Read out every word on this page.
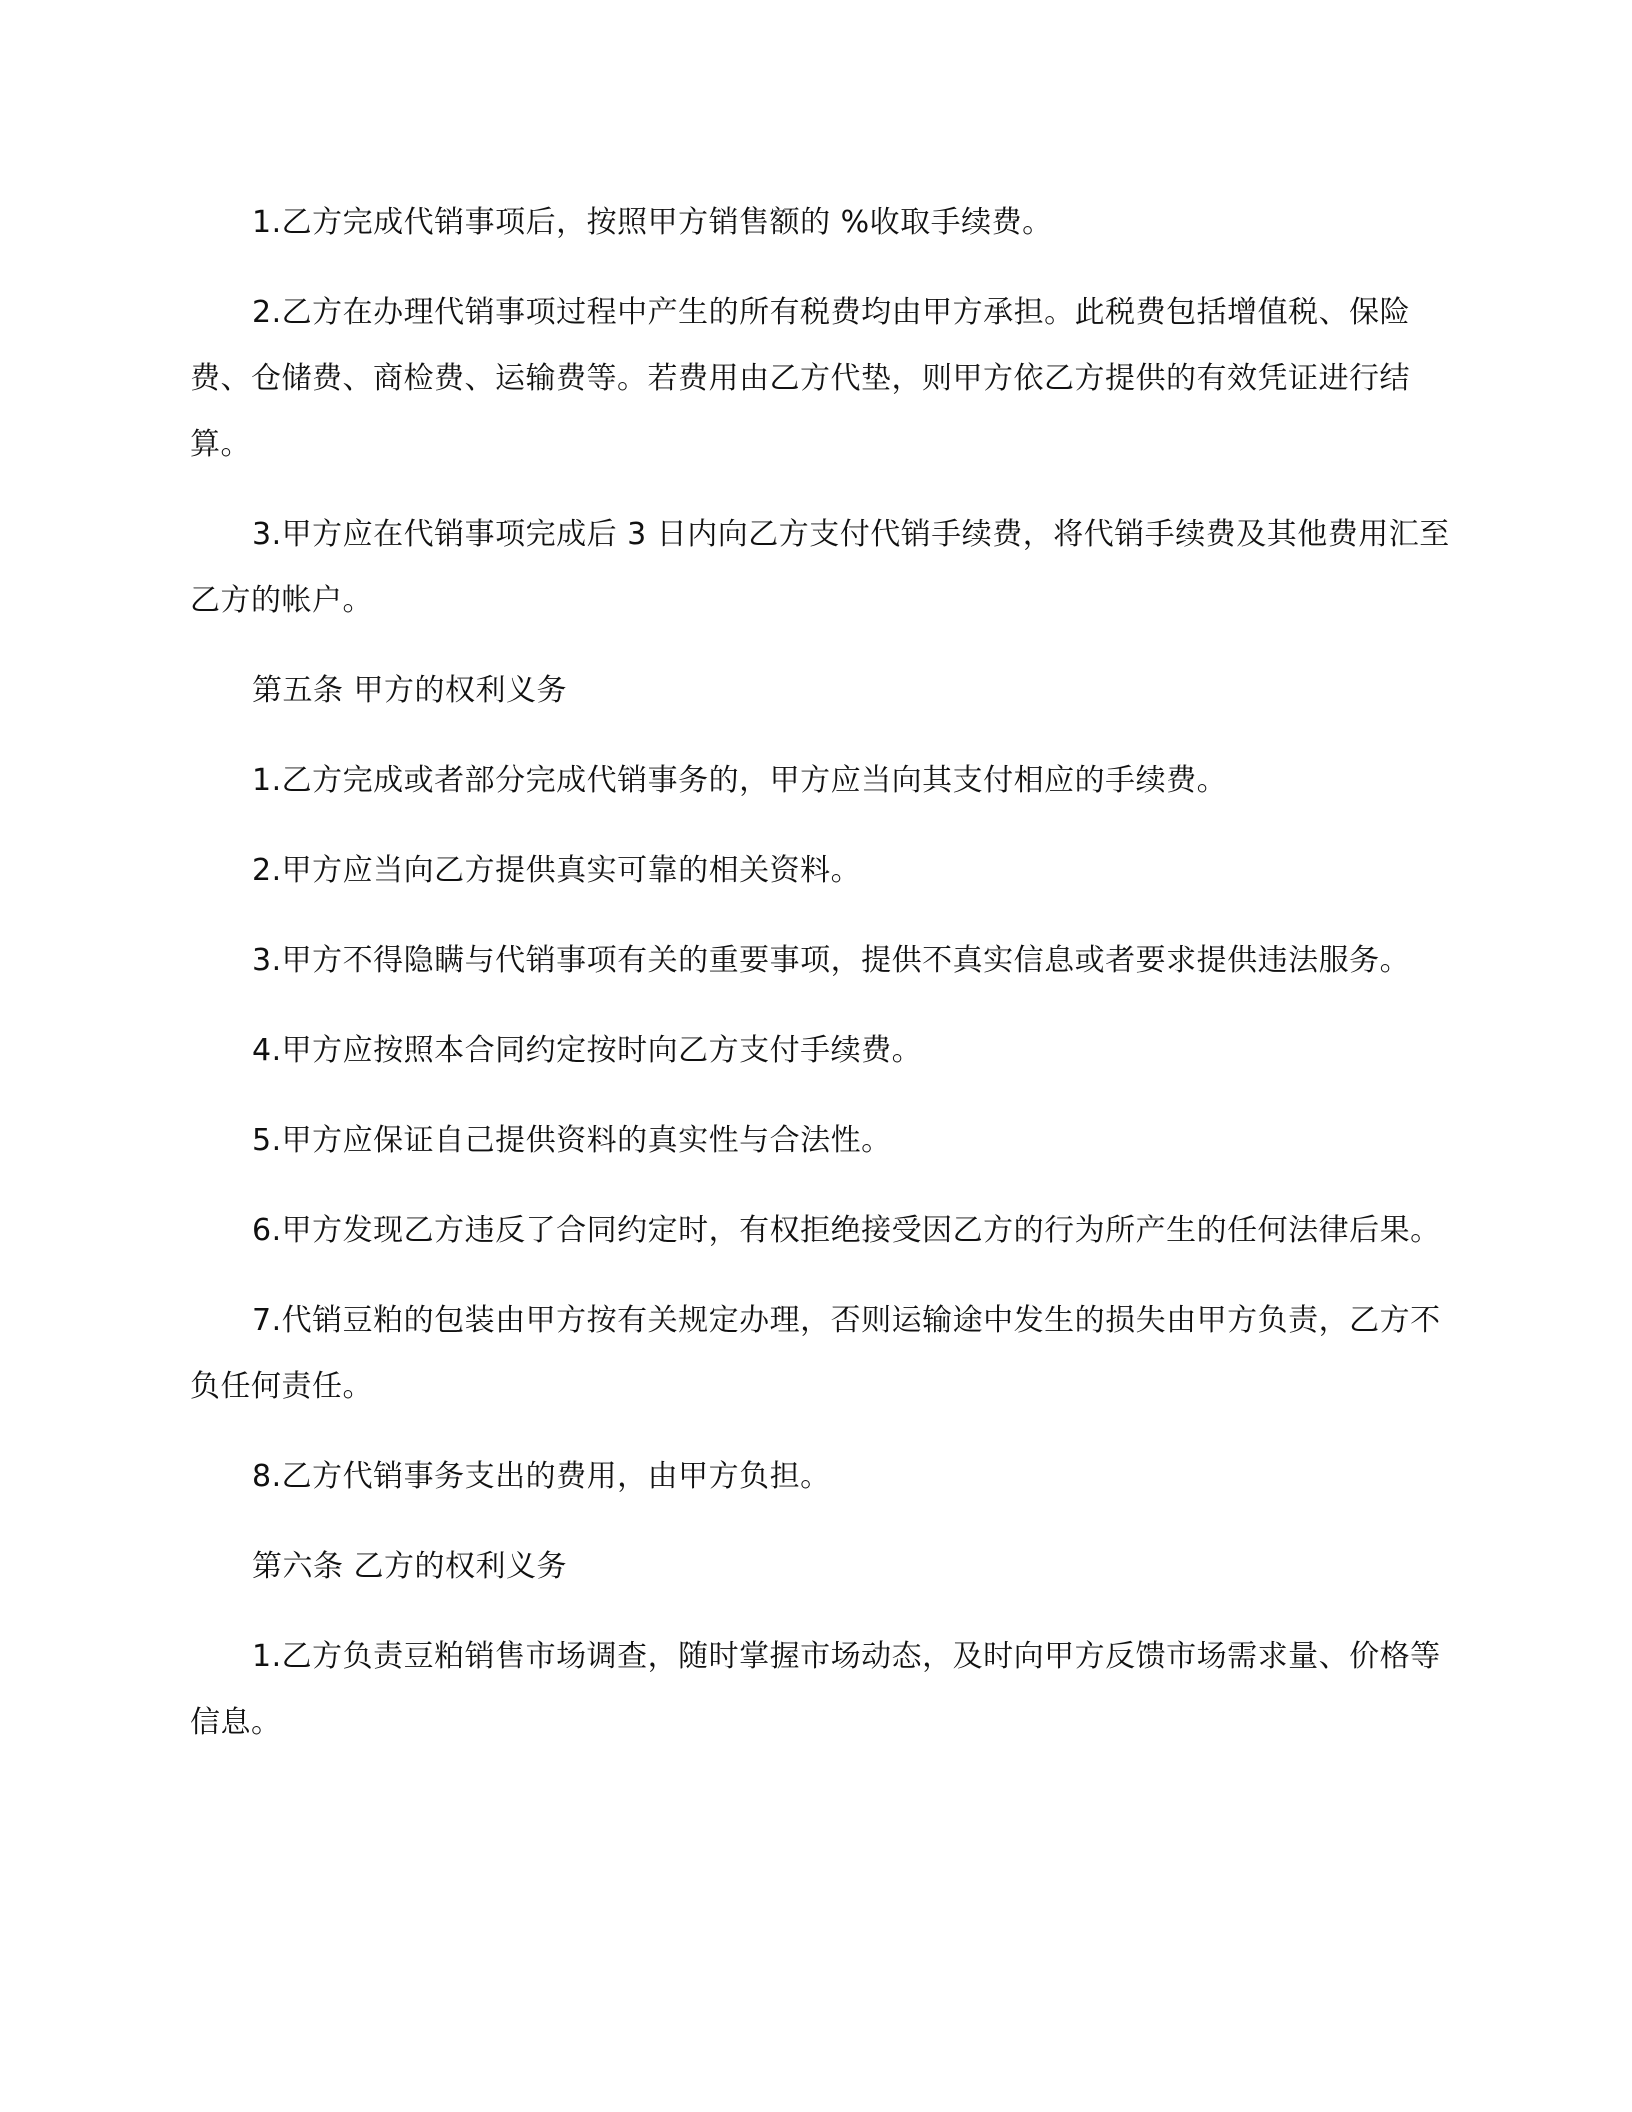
1.乙方完成代销事项后，按照甲方销售额的 %收取手续费。

2.乙方在办理代销事项过程中产生的所有税费均由甲方承担。此税费包括增值税、保险费、仓储费、商检费、运输费等。若费用由乙方代垫，则甲方依乙方提供的有效凭证进行结算。

3.甲方应在代销事项完成后 3 日内向乙方支付代销手续费，将代销手续费及其他费用汇至乙方的帐户。

第五条 甲方的权利义务

1.乙方完成或者部分完成代销事务的，甲方应当向其支付相应的手续费。

2.甲方应当向乙方提供真实可靠的相关资料。

3.甲方不得隐瞒与代销事项有关的重要事项，提供不真实信息或者要求提供违法服务。

4.甲方应按照本合同约定按时向乙方支付手续费。

5.甲方应保证自己提供资料的真实性与合法性。

6.甲方发现乙方违反了合同约定时，有权拒绝接受因乙方的行为所产生的任何法律后果。

7.代销豆粕的包装由甲方按有关规定办理，否则运输途中发生的损失由甲方负责，乙方不负任何责任。

8.乙方代销事务支出的费用，由甲方负担。

第六条 乙方的权利义务

1.乙方负责豆粕销售市场调查，随时掌握市场动态，及时向甲方反馈市场需求量、价格等信息。
